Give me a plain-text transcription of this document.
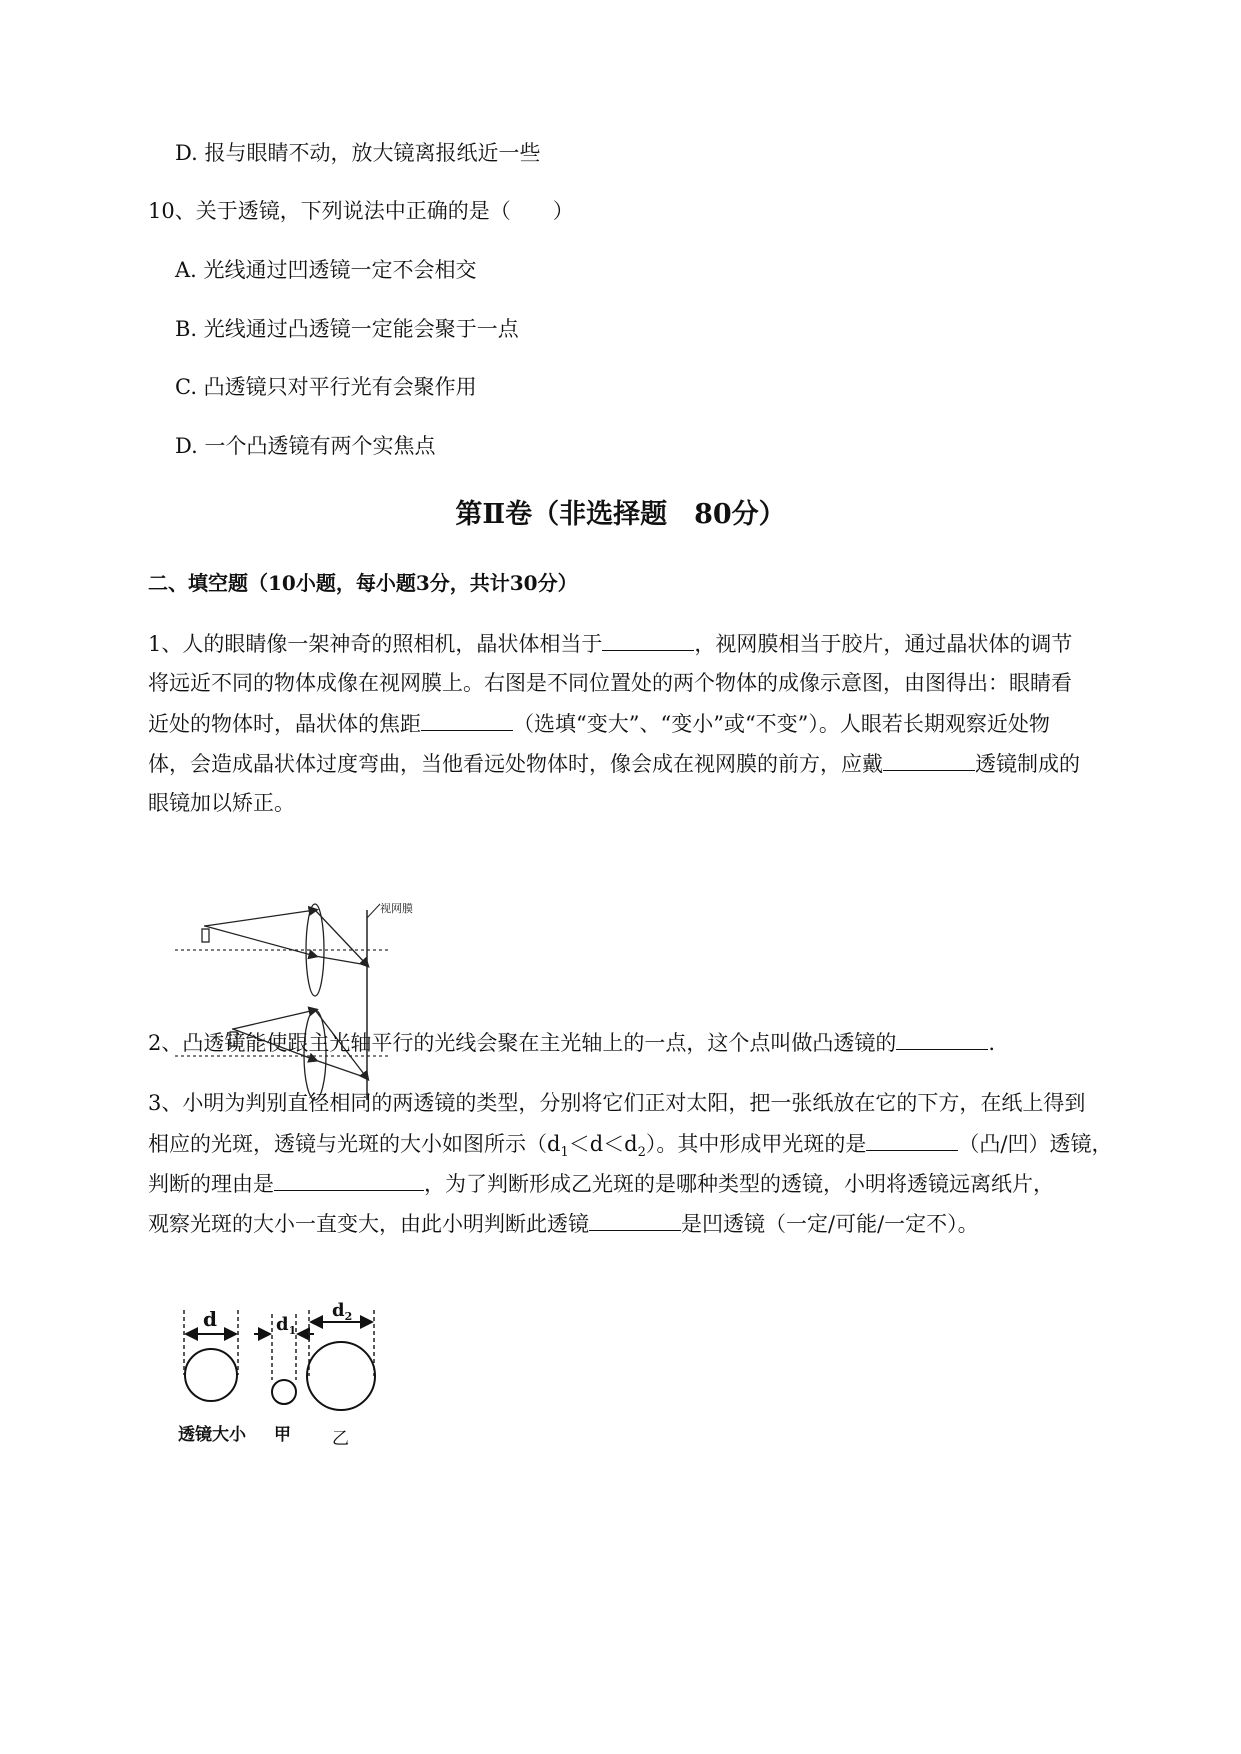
D. 报与眼睛不动，放大镜离报纸近一些
10、关于透镜，下列说法中正确的是（　　）
A. 光线通过凹透镜一定不会相交
B. 光线通过凸透镜一定能会聚于一点
C. 凸透镜只对平行光有会聚作用
D. 一个凸透镜有两个实焦点
第Ⅱ卷（非选择题　80分）
二、填空题（10小题，每小题3分，共计30分）
1、人的眼睛像一架神奇的照相机，晶状体相当于	，视网膜相当于胶片，通过晶状体的调节
将远近不同的物体成像在视网膜上。右图是不同位置处的两个物体的成像示意图，由图得出：眼睛看
近处的物体时，晶状体的焦距	（选填“变大”、“变小”或“不变”）。人眼若长期观察近处物
体，会造成晶状体过度弯曲，当他看远处物体时，像会成在视网膜的前方，应戴	透镜制成的
眼镜加以矫正。
视网膜
2、凸透镜能使跟主光轴平行的光线会聚在主光轴上的一点，这个点叫做凸透镜的	.
3、小明为判别直径相同的两透镜的类型，分别将它们正对太阳，把一张纸放在它的下方，在纸上得到
相应的光斑，透镜与光斑的大小如图所示$(d_1<d<d_2)$。其中形成甲光斑的是	（凸/凹）透镜，
判断的理由是	，为了判断形成乙光斑的是哪种类型的透镜，小明将透镜远离纸片，
观察光斑的大小一直变大，由此小明判断此透镜	是凹透镜（一定/可能/一定不）。
d	$d_1$
$d_2$
透镜大小 甲 乙
